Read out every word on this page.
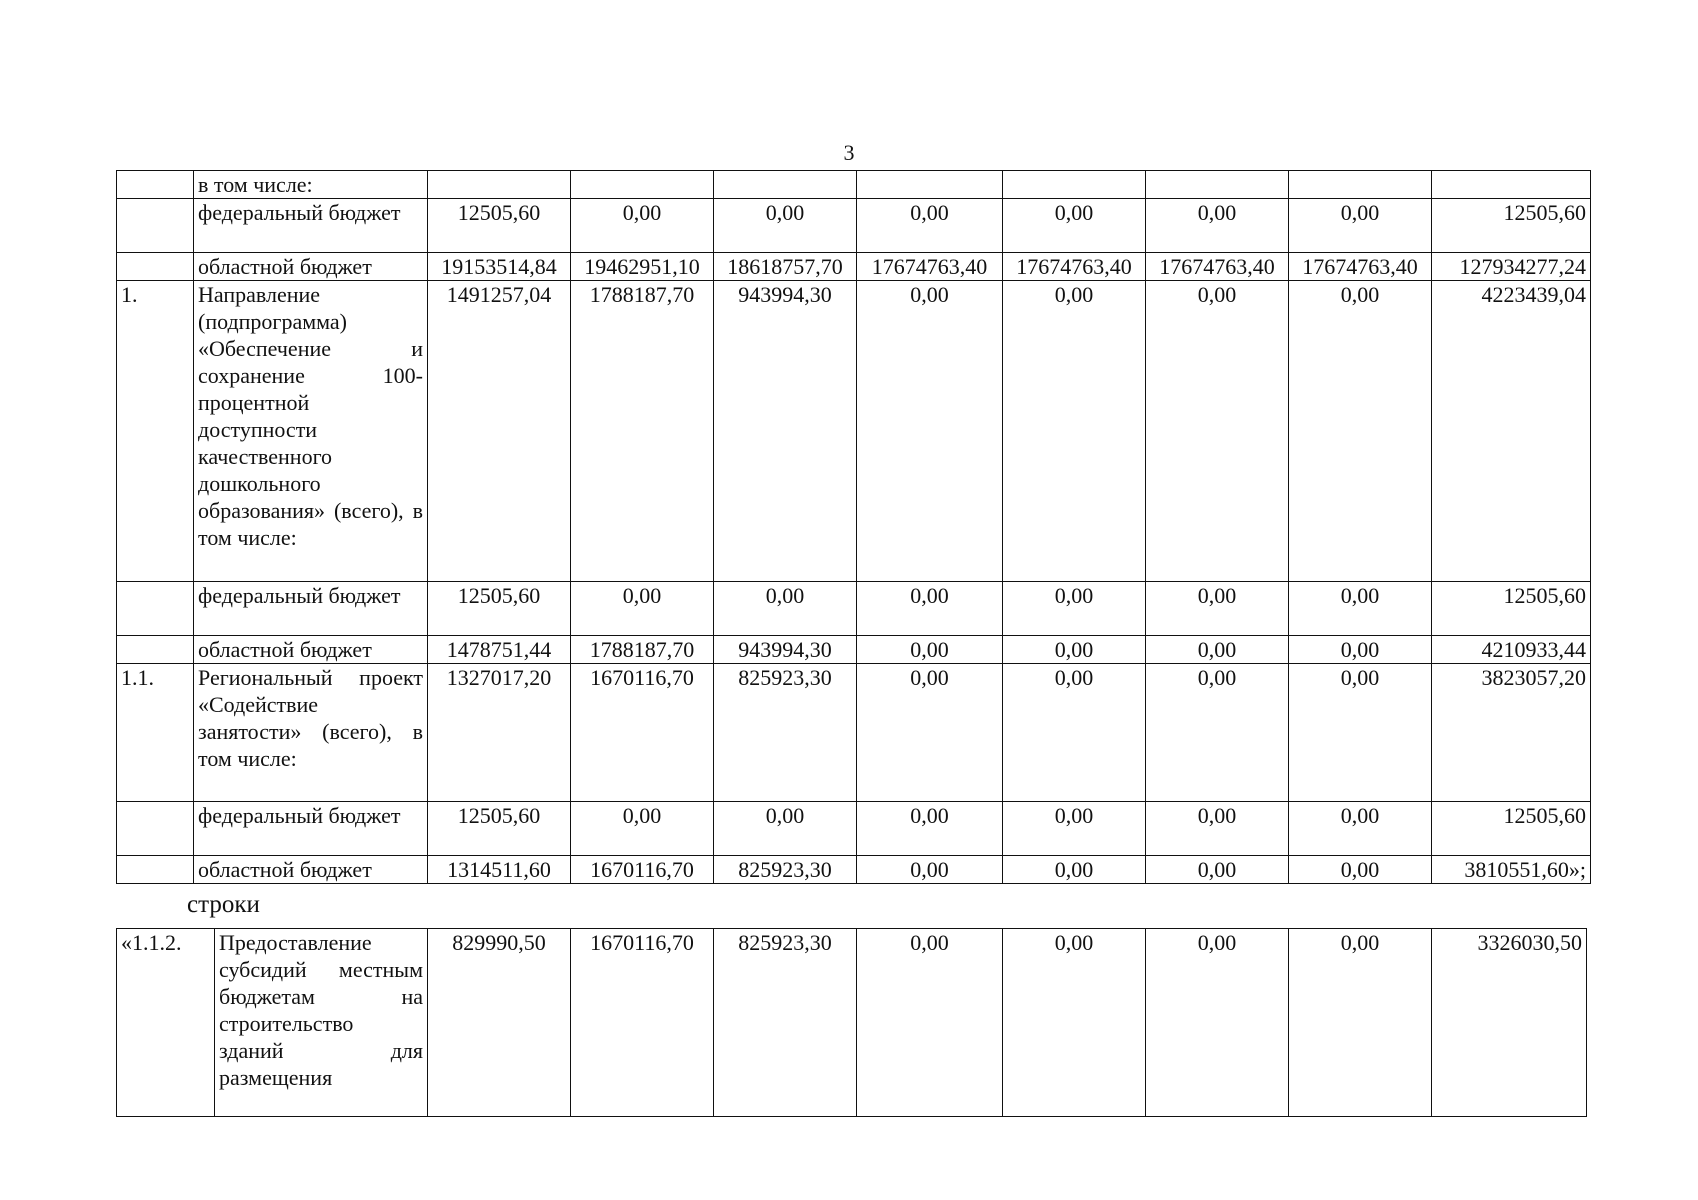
3
	в том числе:								
	федеральный бюджет	12505,60	0,00	0,00	0,00	0,00	0,00	0,00	12505,60
	областной бюджет	19153514,84	19462951,10	18618757,70	17674763,40	17674763,40	17674763,40	17674763,40	127934277,24
1.	Направление (подпрограмма) «Обеспечение и сохранение 100-процентной доступности качественного дошкольного образования» (всего), в том числе:	1491257,04	1788187,70	943994,30	0,00	0,00	0,00	0,00	4223439,04
	федеральный бюджет	12505,60	0,00	0,00	0,00	0,00	0,00	0,00	12505,60
	областной бюджет	1478751,44	1788187,70	943994,30	0,00	0,00	0,00	0,00	4210933,44
1.1.	Региональный проект «Содействие занятости» (всего), в том числе:	1327017,20	1670116,70	825923,30	0,00	0,00	0,00	0,00	3823057,20
	федеральный бюджет	12505,60	0,00	0,00	0,00	0,00	0,00	0,00	12505,60
	областной бюджет	1314511,60	1670116,70	825923,30	0,00	0,00	0,00	0,00	3810551,60»;
строки
«1.1.2.	Предоставление субсидий местным бюджетам на строительство зданий для размещения	829990,50	1670116,70	825923,30	0,00	0,00	0,00	0,00	3326030,50
